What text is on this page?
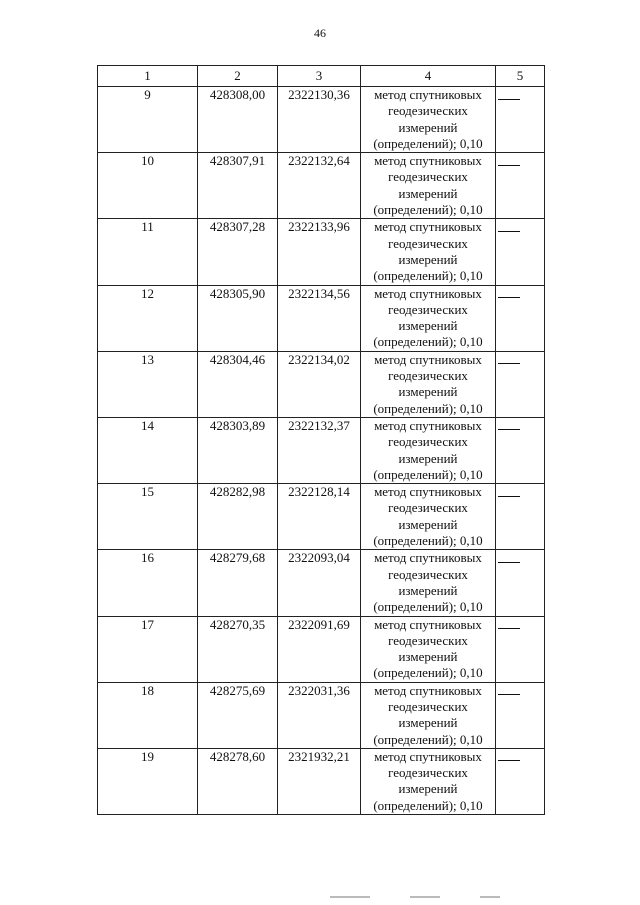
46
1	2	3	4	5
9	428308,00	2322130,36	метод спутниковых геодезических измерений (определений); 0,10	
10	428307,91	2322132,64	метод спутниковых геодезических измерений (определений); 0,10	
11	428307,28	2322133,96	метод спутниковых геодезических измерений (определений); 0,10	
12	428305,90	2322134,56	метод спутниковых геодезических измерений (определений); 0,10	
13	428304,46	2322134,02	метод спутниковых геодезических измерений (определений); 0,10	
14	428303,89	2322132,37	метод спутниковых геодезических измерений (определений); 0,10	
15	428282,98	2322128,14	метод спутниковых геодезических измерений (определений); 0,10	
16	428279,68	2322093,04	метод спутниковых геодезических измерений (определений); 0,10	
17	428270,35	2322091,69	метод спутниковых геодезических измерений (определений); 0,10	
18	428275,69	2322031,36	метод спутниковых геодезических измерений (определений); 0,10	
19	428278,60	2321932,21	метод спутниковых геодезических измерений (определений); 0,10	
